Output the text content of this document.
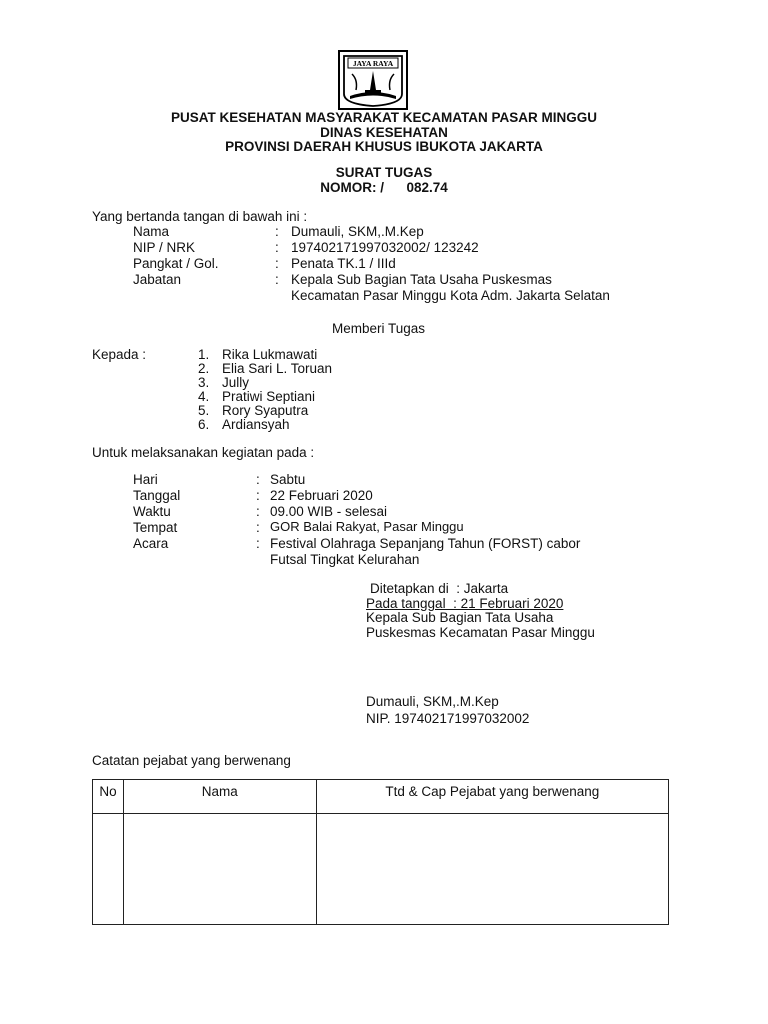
JAYA RAYA
PUSAT KESEHATAN MASYARAKAT KECAMATAN PASAR MINGGU
DINAS KESEHATAN
PROVINSI DAERAH KHUSUS IBUKOTA JAKARTA
SURAT TUGAS
NOMOR: /      082.74
Yang bertanda tangan di bawah ini :
Nama	: Dumauli, SKM,.M.Kep
NIP / NRK	: 197402171997032002/ 123242
Pangkat / Gol.	: Penata TK.1 / IIId
Jabatan	: Kepala Sub Bagian Tata Usaha Puskesmas
Kecamatan Pasar Minggu Kota Adm. Jakarta Selatan
Memberi Tugas
Kepada :	1. Rika Lukmawati
2. Elia Sari L. Toruan
3. Jully
4. Pratiwi Septiani
5. Rory Syaputra
6. Ardiansyah
Untuk melaksanakan kegiatan pada :
Hari	: Sabtu
Tanggal	: 22 Februari 2020
Waktu	: 09.00 WIB - selesai
Tempat	: GOR Balai Rakyat, Pasar Minggu
Acara	: Festival Olahraga Sepanjang Tahun (FORST) cabor
Futsal Tingkat Kelurahan
Ditetapkan di  : Jakarta
Pada tanggal  : 21 Februari 2020
Kepala Sub Bagian Tata Usaha
Puskesmas Kecamatan Pasar Minggu
Dumauli, SKM,.M.Kep
NIP. 197402171997032002
Catatan pejabat yang berwenang
No	Nama	Ttd & Cap Pejabat yang berwenang
